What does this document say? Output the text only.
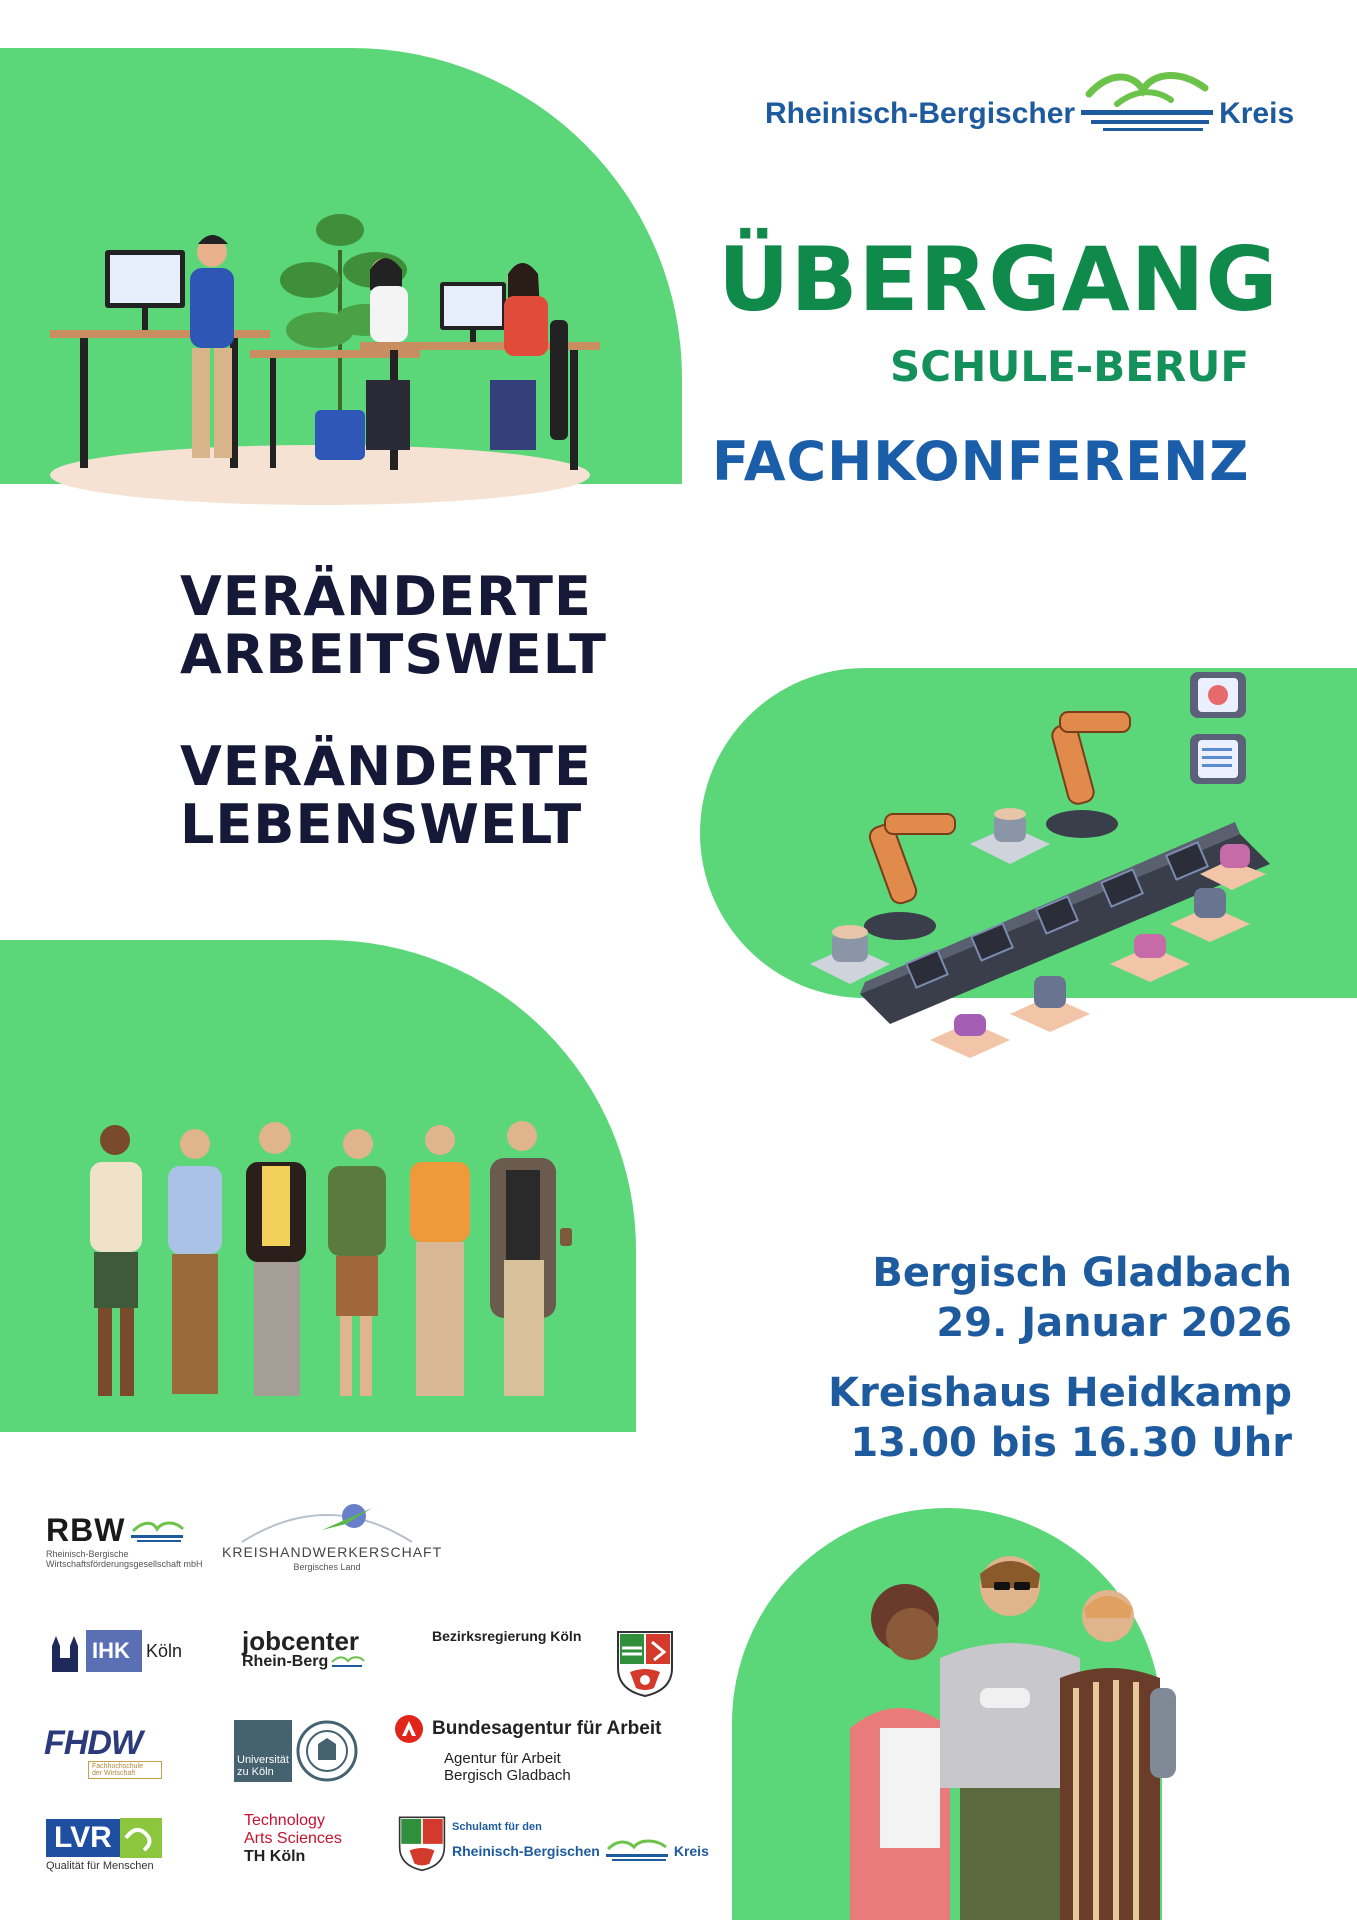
Rheinisch-Bergischer	Kreis
ÜBERGANG
SCHULE-BERUF
FACHKONFERENZ
VERÄNDERTE
ARBEITSWELT
VERÄNDERTE
LEBENSWELT
Bergisch Gladbach
29. Januar 2026
Kreishaus Heidkamp
13.00 bis 16.30 Uhr
RBW
Rheinisch-Bergische
Wirtschaftsförderungsgesellschaft mbH
KREISHANDWERKERSCHAFT
Bergisches Land
IHK Köln jobcenter
Rhein-Berg
Bezirksregierung Köln
FHDW
Fachhochschule
der Wirtschaft
Universität
zu Köln
Bundesagentur für Arbeit
Agentur für Arbeit
Bergisch Gladbach
LVR
Qualität für Menschen
Technology
Arts Sciences
TH Köln
Schulamt für den
Rheinisch-Bergischen	Kreis
